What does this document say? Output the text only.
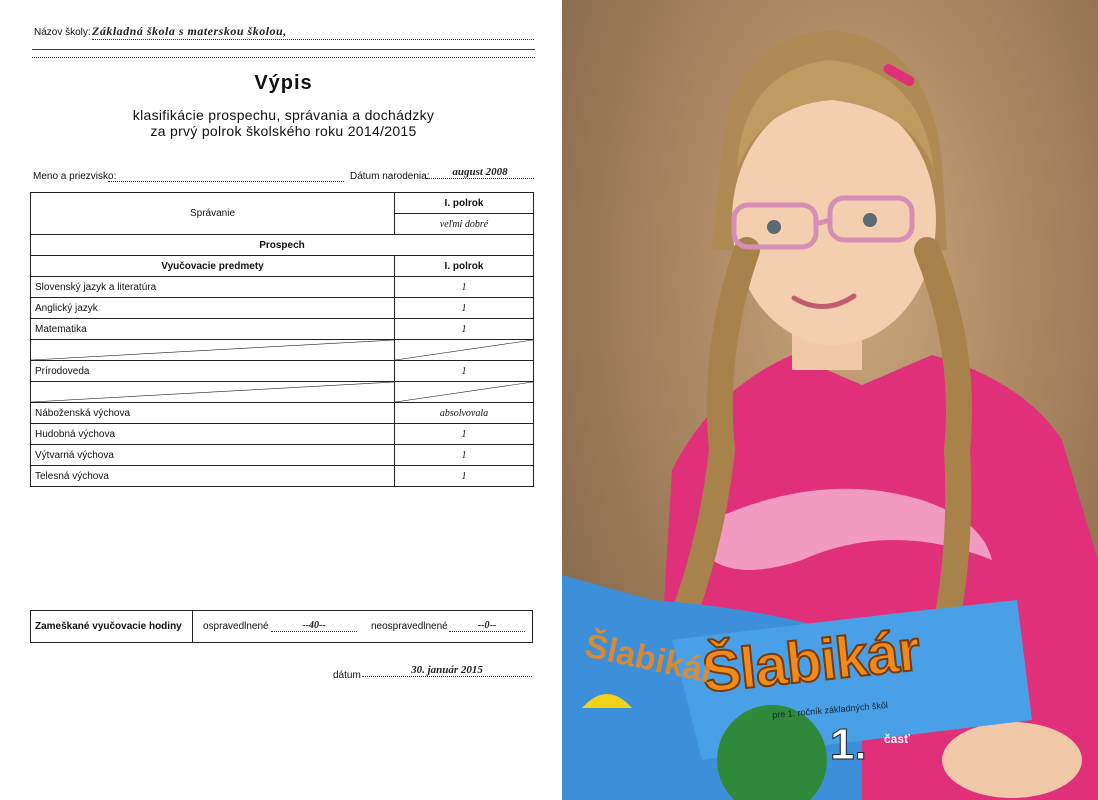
Názov školy: Základná škola s materskou školou,
Výpis
klasifikácie prospechu, správania a dochádzky
za prvý polrok školského roku 2014/2015
Meno a priezvisko:	Dátum narodenia:	august 2008
Správanie	I. polrok
	veľmi dobré
Prospech	
Vyučovacie predmety	I. polrok
Slovenský jazyk a literatúra	1
Anglický jazyk	1
Matematika	1

Prírodoveda	1

Náboženská výchova	absolvovala
Hudobná výchova	1
Výtvarná výchova	1
Telesná výchova	1
Zameškané vyučovacie hodiny	ospravedlnené	--40--	neospravedlnené	--0--
dátum	30. január 2015	Šlabikár
Šlabikár
pre 1. ročník základných škôl
1. časť
